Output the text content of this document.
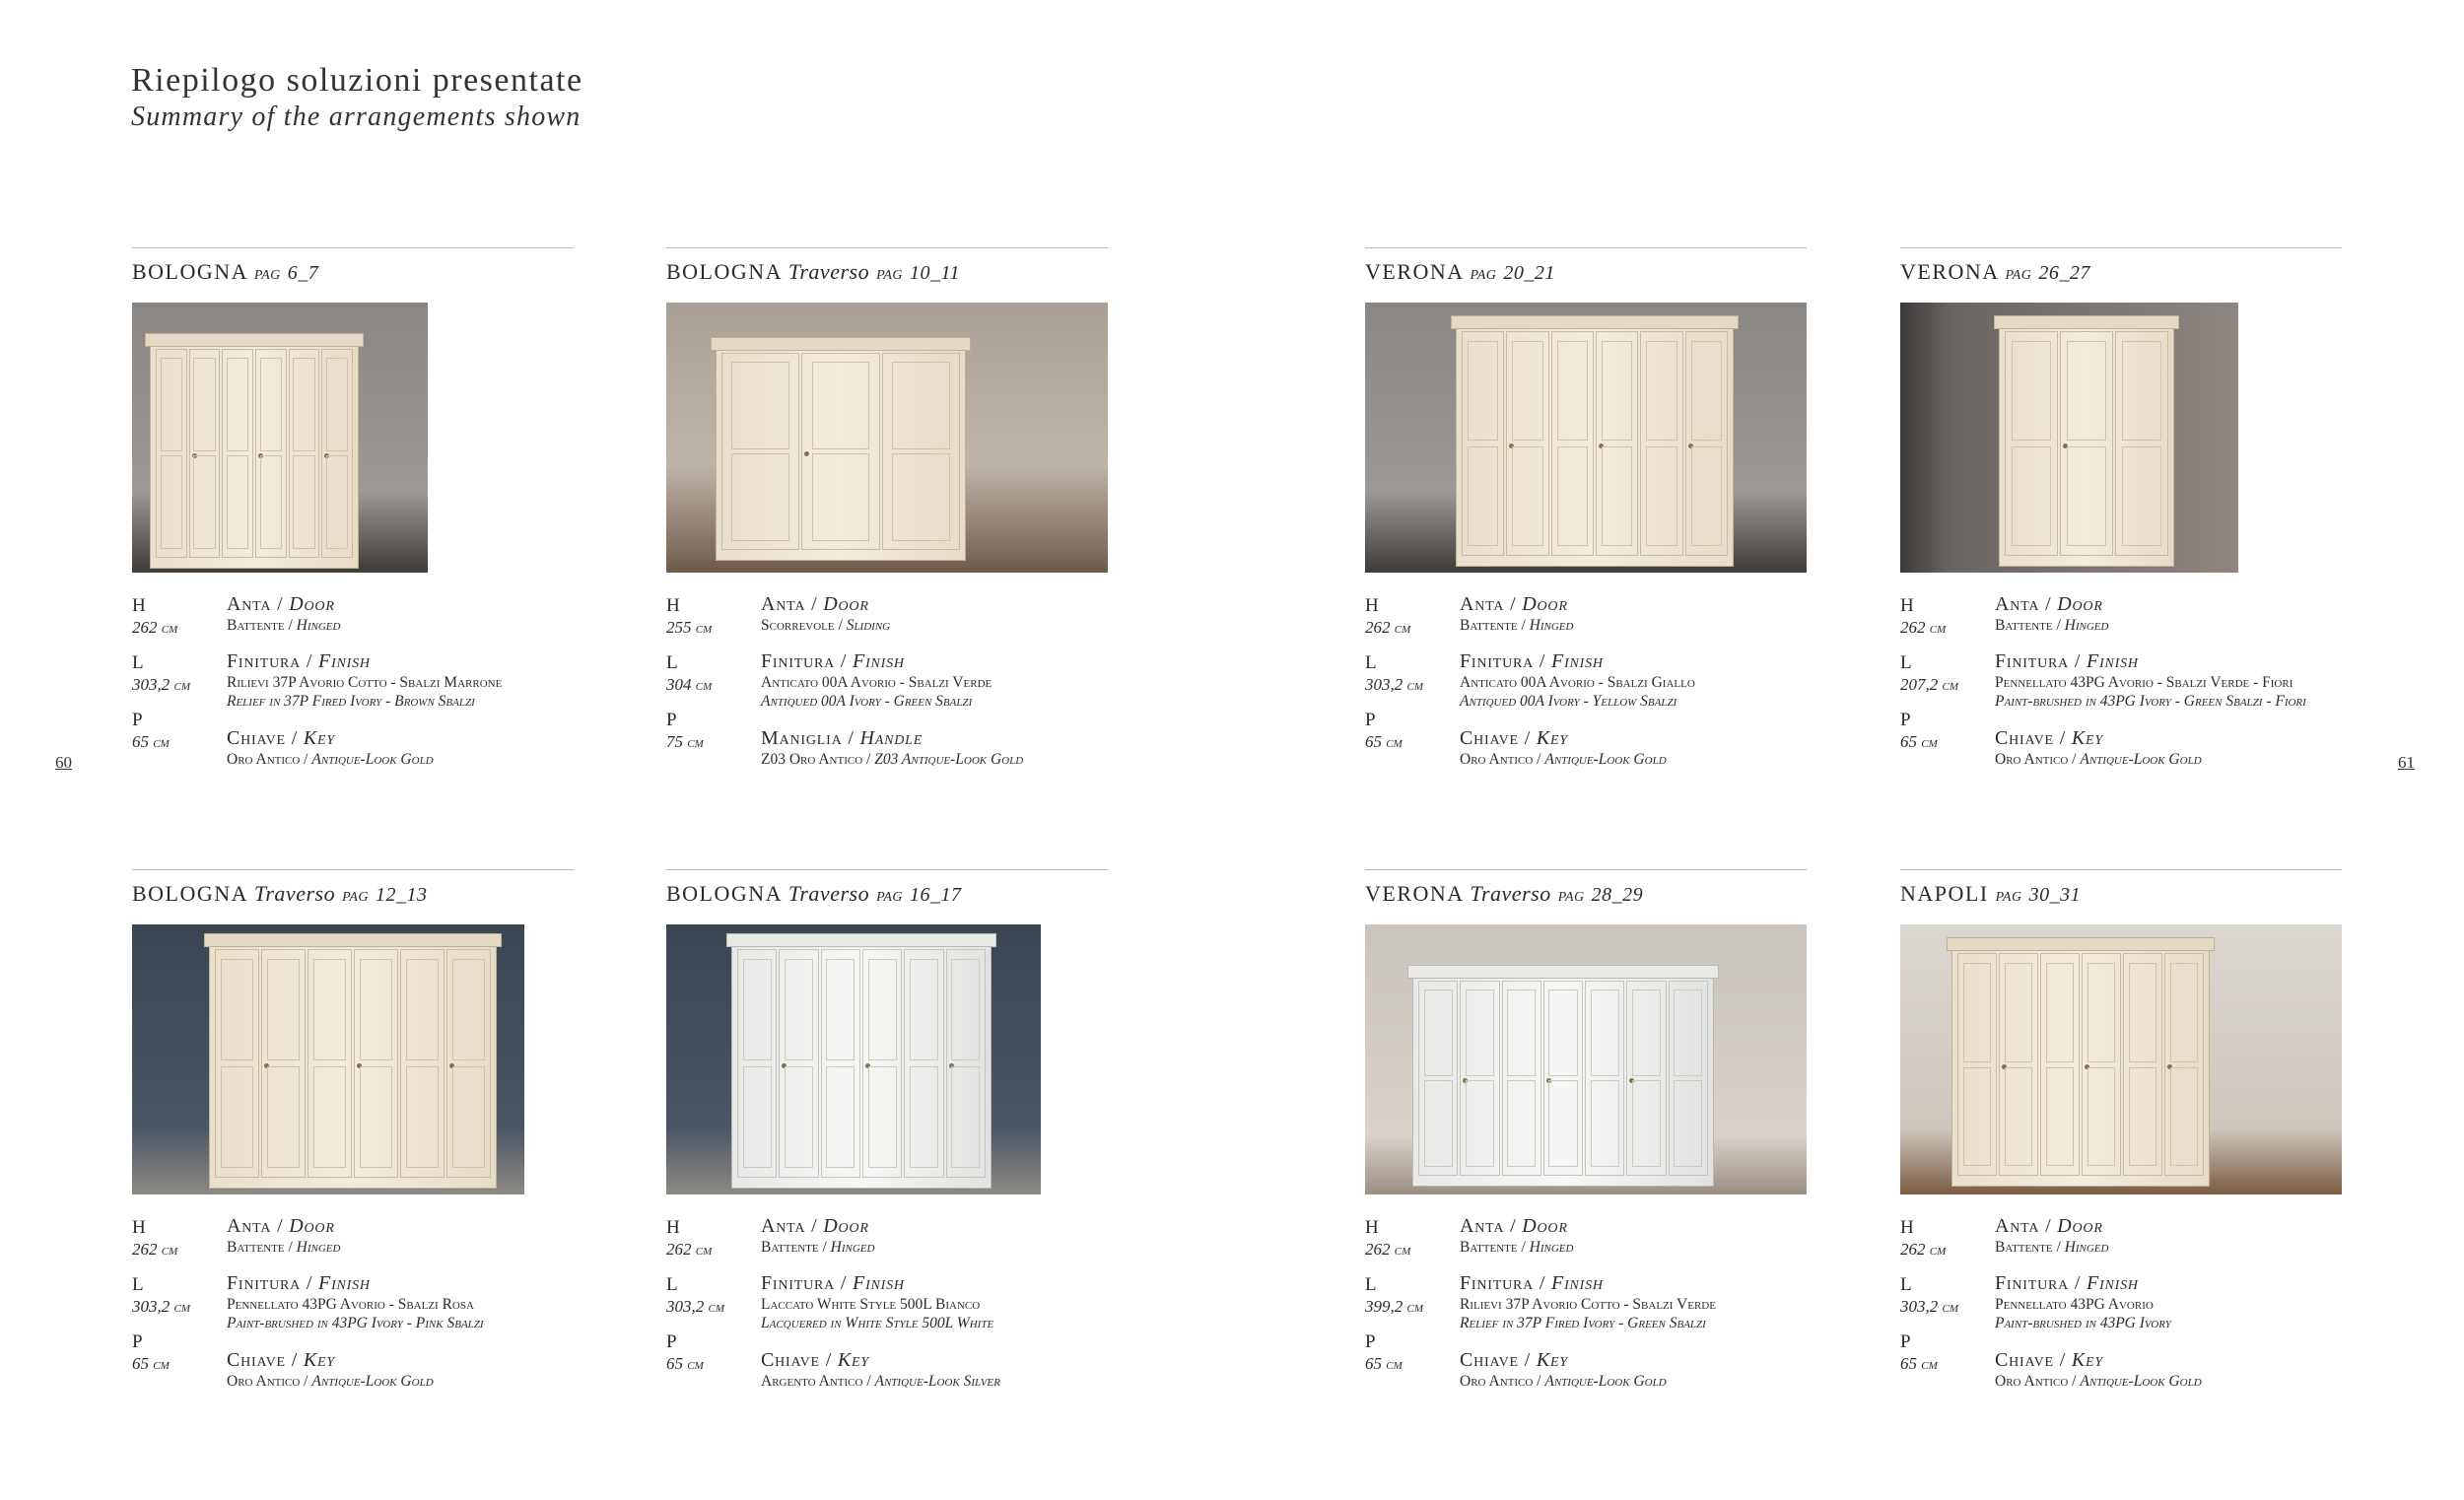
Riepilogo soluzioni presentate
Summary of the arrangements shown
60	61
BOLOGNA pag 6_7
H
262 cm
L
303,2 cm
P
65 cm
Anta / Door
Battente / Hinged
Finitura / Finish
Rilievi 37P Avorio Cotto - Sbalzi Marrone
Relief in 37P Fired Ivory - Brown Sbalzi
Chiave / Key
Oro Antico / Antique-Look Gold
BOLOGNA Traverso pag 10_11
H
255 cm
L
304 cm
P
75 cm
Anta / Door
Scorrevole / Sliding
Finitura / Finish
Anticato 00A Avorio - Sbalzi Verde
Antiqued 00A Ivory - Green Sbalzi
Maniglia / Handle
Z03 Oro Antico / Z03 Antique-Look Gold
VERONA pag 20_21
H
262 cm
L
303,2 cm
P
65 cm
Anta / Door
Battente / Hinged
Finitura / Finish
Anticato 00A Avorio - Sbalzi Giallo
Antiqued 00A Ivory - Yellow Sbalzi
Chiave / Key
Oro Antico / Antique-Look Gold
VERONA pag 26_27
H
262 cm
L
207,2 cm
P
65 cm
Anta / Door
Battente / Hinged
Finitura / Finish
Pennellato 43PG Avorio - Sbalzi Verde - Fiori
Paint-brushed in 43PG Ivory - Green Sbalzi - Fiori
Chiave / Key
Oro Antico / Antique-Look Gold
BOLOGNA Traverso pag 12_13
H
262 cm
L
303,2 cm
P
65 cm
Anta / Door
Battente / Hinged
Finitura / Finish
Pennellato 43PG Avorio - Sbalzi Rosa
Paint-brushed in 43PG Ivory - Pink Sbalzi
Chiave / Key
Oro Antico / Antique-Look Gold
BOLOGNA Traverso pag 16_17
H
262 cm
L
303,2 cm
P
65 cm
Anta / Door
Battente / Hinged
Finitura / Finish
Laccato White Style 500L Bianco
Lacquered in White Style 500L White
Chiave / Key
Argento Antico / Antique-Look Silver
VERONA Traverso pag 28_29
H
262 cm
L
399,2 cm
P
65 cm
Anta / Door
Battente / Hinged
Finitura / Finish
Rilievi 37P Avorio Cotto - Sbalzi Verde
Relief in 37P Fired Ivory - Green Sbalzi
Chiave / Key
Oro Antico / Antique-Look Gold
NAPOLI pag 30_31
H
262 cm
L
303,2 cm
P
65 cm
Anta / Door
Battente / Hinged
Finitura / Finish
Pennellato 43PG Avorio
Paint-brushed in 43PG Ivory
Chiave / Key
Oro Antico / Antique-Look Gold
